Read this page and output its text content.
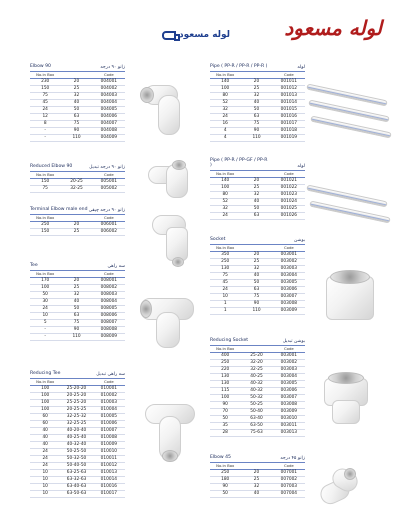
لوله مسعود
لوله مسعود
Elbow 90	زانو ۹۰ درجه
No.in Box		Code
230	20	004001
150	25	004002
75	32	004003
45	40	004004
24	50	004005
12	63	004006
8	75	004007
-	90	004008
-	110	004009
Reduced Elbow 90	زانو ۹۰ درجه تبدیل
No.in Box		Code
150	20-25	005001
75	32-25	005002
Terminal Elbow male end زانو ۹۰ درجه چپقی
No.in Box		Code
250	20	006001
150	25	006002
Tee	سه راهی
No.in Box		Code
170	20	008001
100	25	008002
50	32	008003
30	40	008004
24	50	008005
10	63	008006
5	75	008007
-	90	008008
-	110	008009
Reducing Tee	سه راهی تبدیل
No.in Box		Code
100	25-20-20	010001
100	20-25-20	010002
100	25-25-20	010003
100	20-25-25	010004
60	32-25-32	010005
60	32-25-25	010006
40	40-20-40	010007
40	40-25-40	010008
40	40-32-40	010009
24	50-25-50	010010
24	50-32-50	010011
24	50-40-50	010012
10	63-25-63	010013
10	63-32-63	010014
10	63-40-63	010016
10	63-50-63	010017
Pipe ( PP-R / PP-R / PP-R )	لوله
No.in Box		Code
140	20	001011
100	25	001012
80	32	001013
52	40	001014
32	50	001015
24	63	001016
16	75	001017
4	90	001018
4	110	001019
Pipe ( PP-R / PP-GF / PP-R )	لوله
No.in Box		Code
140	20	001021
100	25	001022
80	32	001023
52	40	001024
32	50	001025
24	63	001026
Socket	بوشن
No.in Box		Code
350	20	003001
250	25	003002
130	32	003003
75	40	003004
45	50	003005
24	63	003006
10	75	003007
1	90	003008
1	110	003009
Reducing Socket	بوشن تبدیل
No.in Box		Code
400	25-20	003001
250	32-20	003002
220	32-25	003003
130	40-25	003004
130	40-32	003005
115	40-32	003006
100	50-32	003007
90	50-25	003008
70	50-40	003009
50	63-40	003010
35	63-50	003011
28	75-63	003013
Elbow 45	زانو ۴۵ درجه
No.in Box		Code
250	20	007001
180	25	007002
90	32	007003
50	40	007004
